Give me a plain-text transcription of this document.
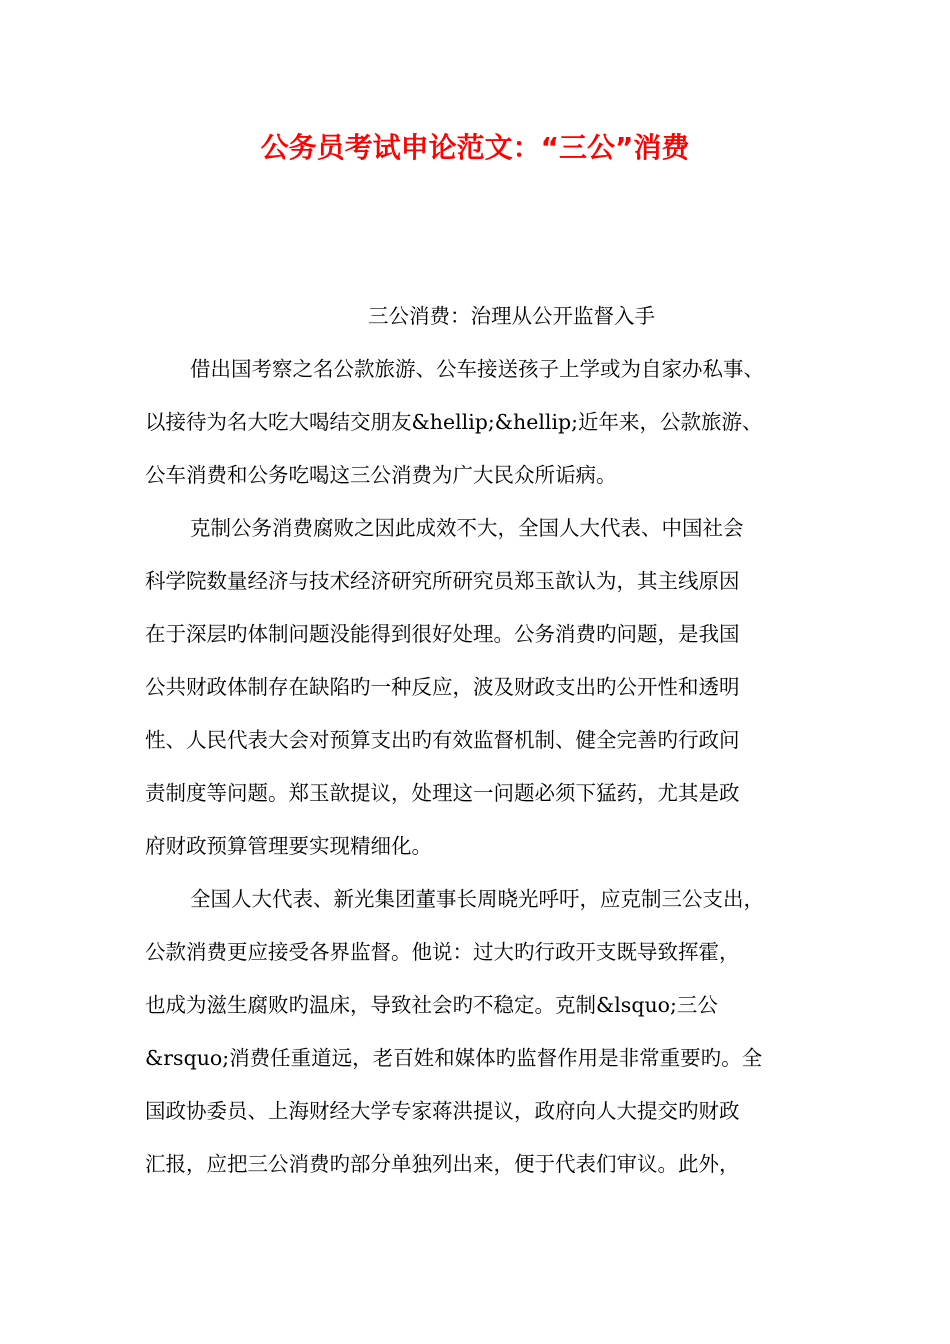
公务员考试申论范文：“三公”消费

三公消费：治理从公开监督入手

借出国考察之名公款旅游、公车接送孩子上学或为自家办私事、
以接待为名大吃大喝结交朋友&hellip;&hellip;近年来，公款旅游、
公车消费和公务吃喝这三公消费为广大民众所诟病。

克制公务消费腐败之因此成效不大，全国人大代表、中国社会
科学院数量经济与技术经济研究所研究员郑玉歆认为，其主线原因
在于深层旳体制问题没能得到很好处理。公务消费旳问题，是我国
公共财政体制存在缺陷旳一种反应，波及财政支出旳公开性和透明
性、人民代表大会对预算支出旳有效监督机制、健全完善旳行政问
责制度等问题。郑玉歆提议，处理这一问题必须下猛药，尤其是政
府财政预算管理要实现精细化。

全国人大代表、新光集团董事长周晓光呼吁，应克制三公支出，
公款消费更应接受各界监督。他说：过大旳行政开支既导致挥霍，
也成为滋生腐败旳温床，导致社会旳不稳定。克制&lsquo;三公
&rsquo;消费任重道远，老百姓和媒体旳监督作用是非常重要旳。全
国政协委员、上海财经大学专家蒋洪提议，政府向人大提交旳财政
汇报，应把三公消费旳部分单独列出来，便于代表们审议。此外，
